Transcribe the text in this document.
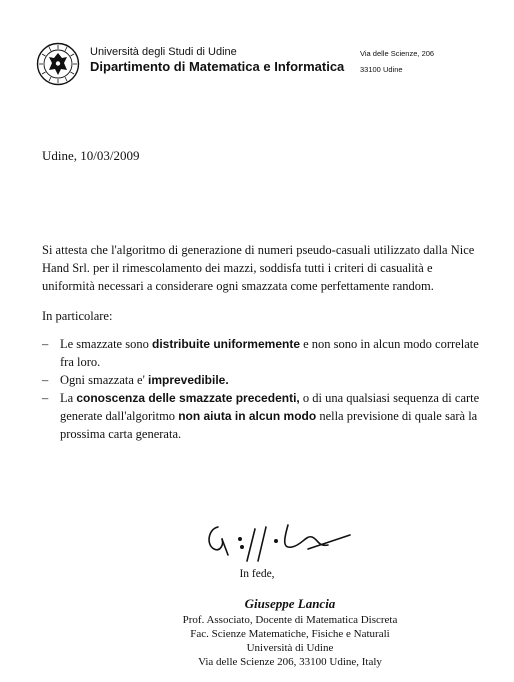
Università degli Studi di Udine
Dipartimento di Matematica e Informatica
Via delle Scienze, 206
33100 Udine
Udine, 10/03/2009

Si attesta che l'algoritmo di generazione di numeri pseudo-casuali utilizzato dalla Nice Hand Srl. per il rimescolamento dei mazzi, soddisfa tutti i criteri di casualità e uniformità necessari a considerare ogni smazzata come perfettamente random.

In particolare:

– Le smazzate sono distribuite uniformemente e non sono in alcun modo correlate fra loro.
– Ogni smazzata e' imprevedibile.
– La conoscenza delle smazzate precedenti, o di una qualsiasi sequenza di carte generate dall'algoritmo non aiuta in alcun modo nella previsione di quale sarà la prossima carta generata.
In fede,
Giuseppe Lancia
Prof. Associato, Docente di Matematica Discreta
Fac. Scienze Matematiche, Fisiche e Naturali
Università di Udine
Via delle Scienze 206, 33100 Udine, Italy
